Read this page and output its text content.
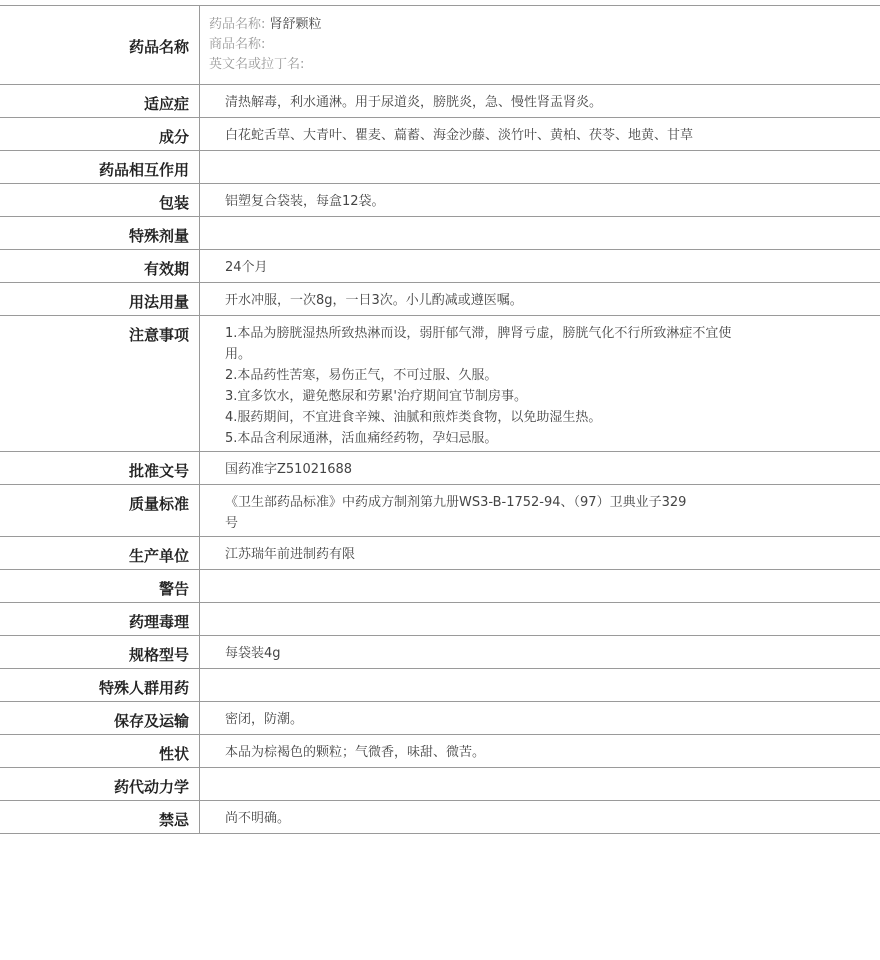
药品名称
药品名称: 肾舒颗粒
商品名称:
英文名或拉丁名:
适应症	清热解毒，利水通淋。用于尿道炎，膀胱炎，急、慢性肾盂肾炎。
成分	白花蛇舌草、大青叶、瞿麦、萹蓄、海金沙藤、淡竹叶、黄柏、茯苓、地黄、甘草
药品相互作用
包装	铝塑复合袋装，每盒12袋。
特殊剂量
有效期	24个月
用法用量	开水冲服，一次8g，一日3次。小儿酌减或遵医嘱。
注意事项	1.本品为膀胱湿热所致热淋而设，弱肝郁气滞，脾肾亏虚，膀胱气化不行所致淋症不宜使
用。
2.本品药性苦寒，易伤正气，不可过服、久服。
3.宜多饮水，避免憋尿和劳累'治疗期间宜节制房事。
4.服药期间，不宜进食辛辣、油腻和煎炸类食物，以免助湿生热。
5.本品含利尿通淋，活血痛经药物，孕妇忌服。
批准文号	国药准字Z51021688
质量标准	《卫生部药品标准》中药成方制剂第九册WS3-B-1752-94、（97）卫典业子329
号
生产单位	江苏瑞年前进制药有限
警告
药理毒理
规格型号	每袋装4g
特殊人群用药
保存及运输	密闭，防潮。
性状	本品为棕褐色的颗粒；气微香，味甜、微苦。
药代动力学
禁忌	尚不明确。
